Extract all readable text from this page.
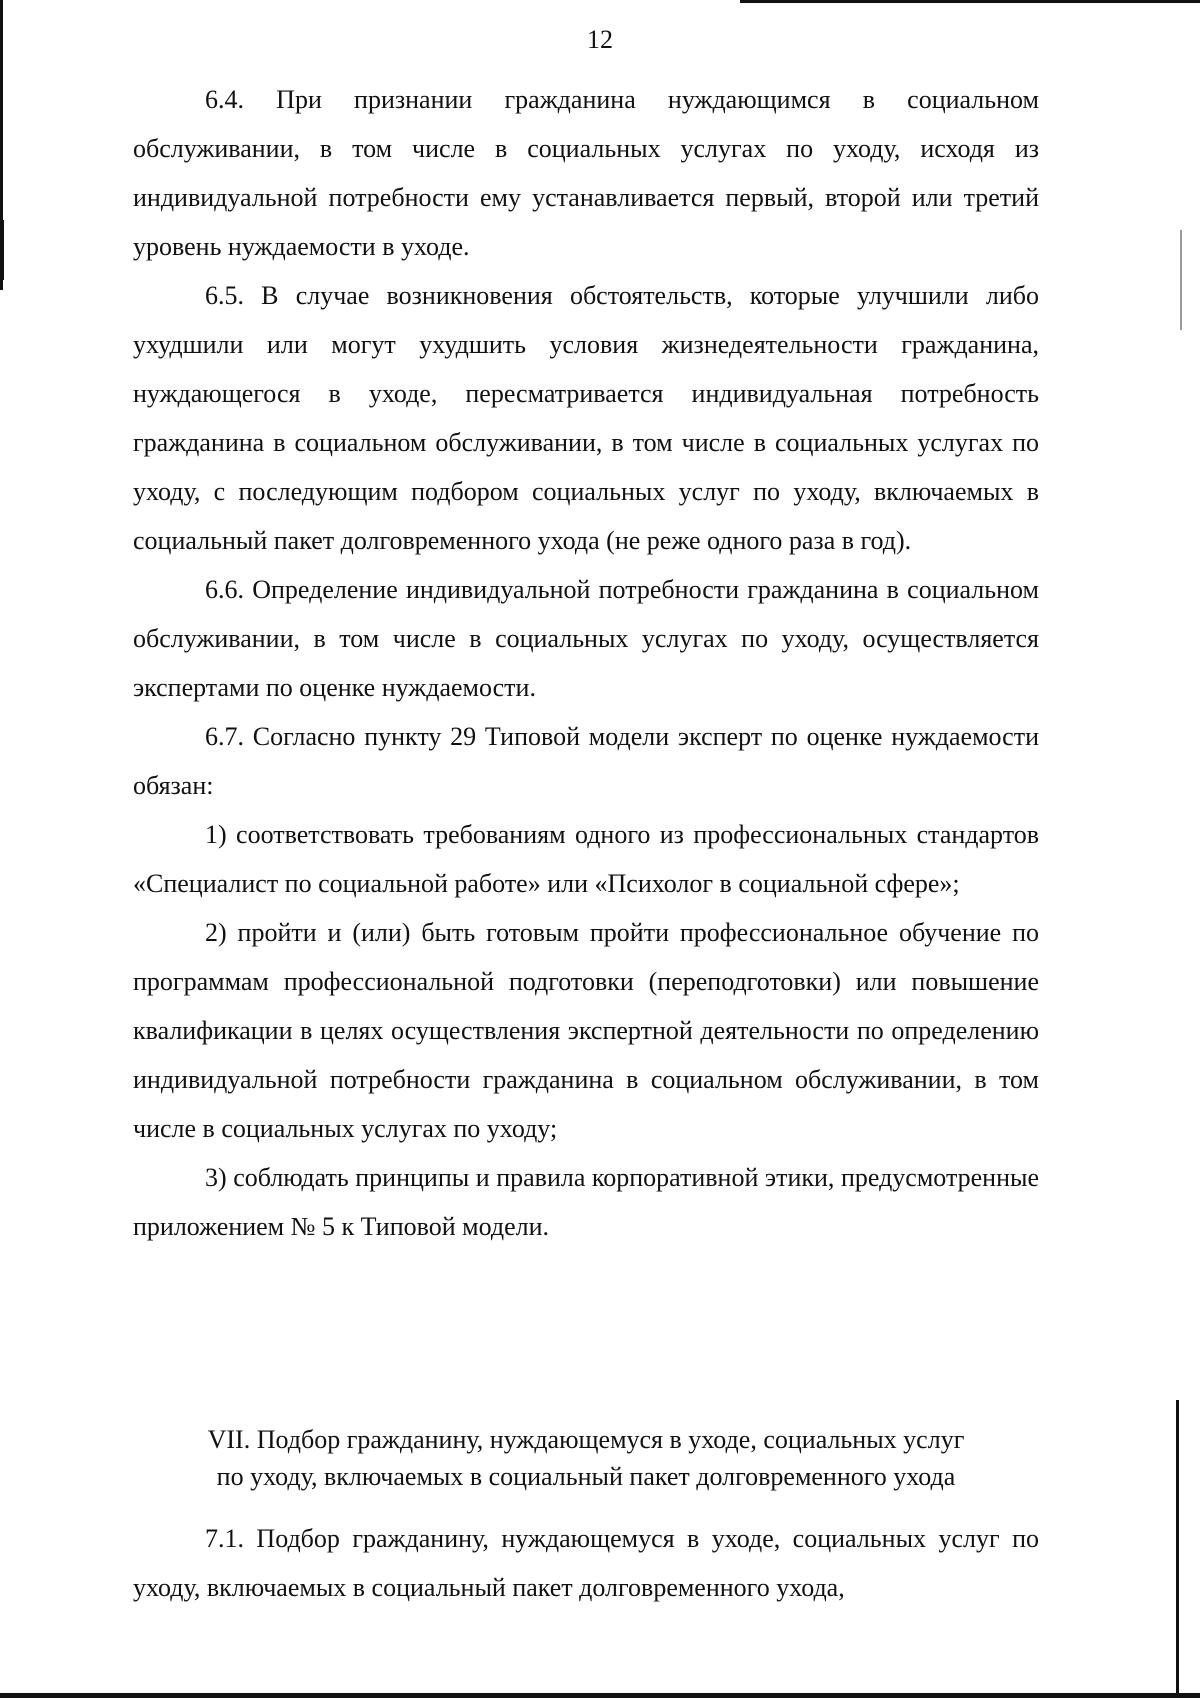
12

6.4. При признании гражданина нуждающимся в социальном обслуживании, в том числе в социальных услугах по уходу, исходя из индивидуальной потребности ему устанавливается первый, второй или третий уровень нуждаемости в уходе.

6.5. В случае возникновения обстоятельств, которые улучшили либо ухудшили или могут ухудшить условия жизнедеятельности гражданина, нуждающегося в уходе, пересматривается индивидуальная потребность гражданина в социальном обслуживании, в том числе в социальных услугах по уходу, с последующим подбором социальных услуг по уходу, включаемых в социальный пакет долговременного ухода (не реже одного раза в год).

6.6. Определение индивидуальной потребности гражданина в социальном обслуживании, в том числе в социальных услугах по уходу, осуществляется экспертами по оценке нуждаемости.

6.7. Согласно пункту 29 Типовой модели эксперт по оценке нуждаемости обязан:

1) соответствовать требованиям одного из профессиональных стандартов «Специалист по социальной работе» или «Психолог в социальной сфере»;

2) пройти и (или) быть готовым пройти профессиональное обучение по программам профессиональной подготовки (переподготовки) или повышение квалификации в целях осуществления экспертной деятельности по определению индивидуальной потребности гражданина в социальном обслуживании, в том числе в социальных услугах по уходу;

3) соблюдать принципы и правила корпоративной этики, предусмотренные приложением № 5 к Типовой модели.

VII. Подбор гражданину, нуждающемуся в уходе, социальных услуг
по уходу, включаемых в социальный пакет долговременного ухода

7.1. Подбор гражданину, нуждающемуся в уходе, социальных услуг по уходу, включаемых в социальный пакет долговременного ухода,
